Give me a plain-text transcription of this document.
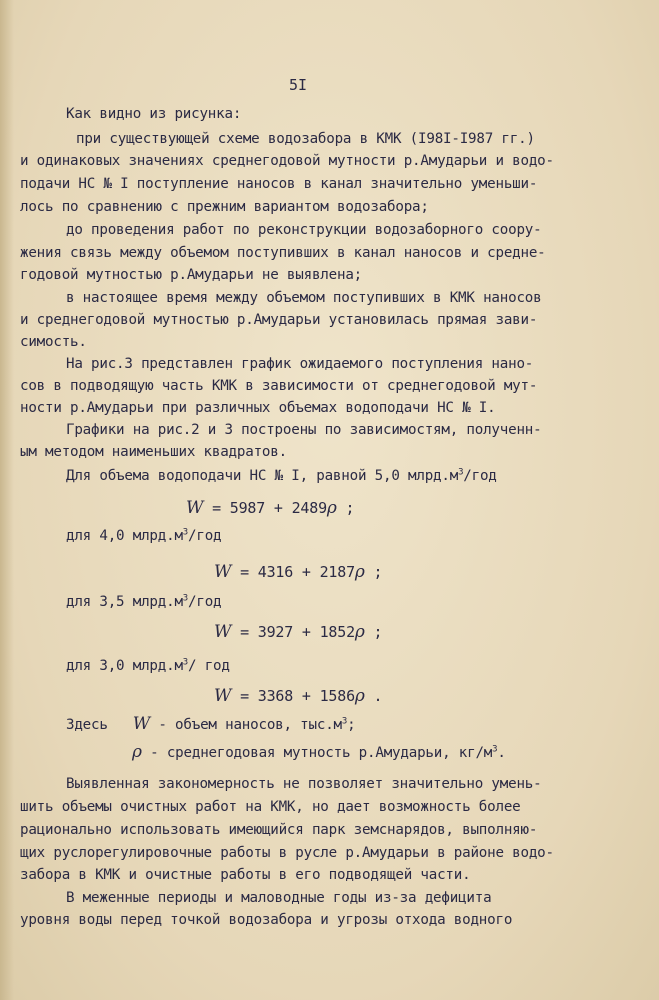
5I
Как видно из рисунка:
при существующей схеме водозабора в КМК (I98I-I987 гг.)
и одинаковых значениях среднегодовой мутности р.Амударьи и водо-
подачи НС № I поступление наносов в канал значительно уменьши-
лось по сравнению с прежним вариантом водозабора;
до проведения работ по реконструкции водозаборного соору-
жения связь между объемом поступивших в канал наносов и средне-
годовой мутностью р.Амударьи не выявлена;
в настоящее время между объемом поступивших в КМК наносов
и среднегодовой мутностью р.Амударьи установилась прямая зави-
симость.
На рис.3 представлен график ожидаемого поступления нано-
сов в подводящую часть КМК в зависимости от среднегодовой мут-
ности р.Амударьи при различных объемах водоподачи НС № I.
Графики на рис.2 и 3 построены по зависимостям, полученн-
ым методом наименьших квадратов.
Для объема водоподачи НС № I, равной 5,0 $млрд.м^3$/год
W = 5987 + 2489ρ ;
для 4,0 $млрд.м^3$/год
W = 4316 + 2187ρ ;
для 3,5 $млрд.м^3$/год
W = 3927 + 1852ρ ;
для 3,0 $млрд.м^3/$ год
W = 3368 + 1586ρ .
Здесь W - объем наносов, $тыс.м^3$;
ρ - среднегодовая мутность р.Амударьи, $кг/м^3$.
Выявленная закономерность не позволяет значительно умень-
шить объемы очистных работ на КМК, но дает возможность более
рационально использовать имеющийся парк земснарядов, выполняю-
щих руслорегулировочные работы в русле р.Амударьи в районе водо-
забора в КМК и очистные работы в его подводящей части.
В меженные периоды и маловодные годы из-за дефицита
уровня воды перед точкой водозабора и угрозы отхода водного
